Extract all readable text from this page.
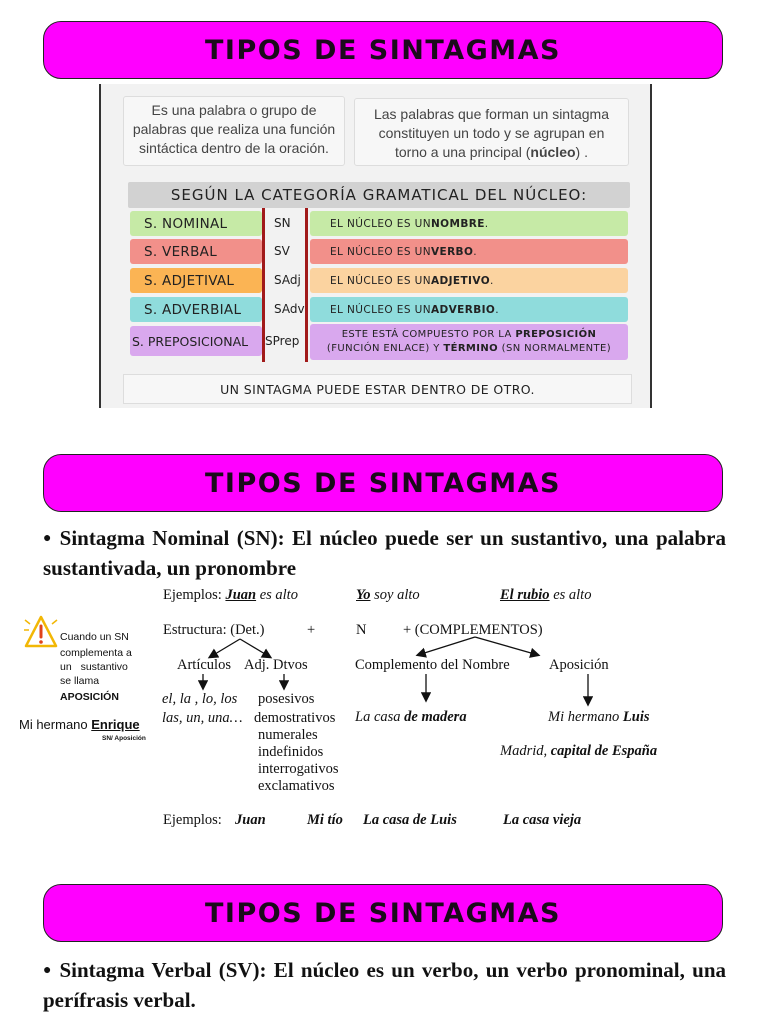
TIPOS DE SINTAGMAS
Es una palabra o grupo de
palabras que realiza una función
sintáctica dentro de la oración.
Las palabras que forman un sintagma
constituyen un todo y se agrupan en
torno a una principal (núcleo) .
SEGÚN LA CATEGORÍA GRAMATICAL DEL NÚCLEO:
S. NOMINAL	SN	EL NÚCLEO ES UN NOMBRE .
S. VERBAL	SV	EL NÚCLEO ES UN VERBO .
S. ADJETIVAL	SAdj	EL NÚCLEO ES UN ADJETIVO .
S. ADVERBIAL	SAdv EL NÚCLEO ES UN ADVERBIO .
S. PREPOSICIONAL	SPrep	ESTE ESTÁ COMPUESTO POR LA PREPOSICIÓN
(FUNCIÓN ENLACE) Y TÉRMINO (SN NORMALMENTE)
UN SINTAGMA PUEDE ESTAR DENTRO DE OTRO.
TIPOS DE SINTAGMAS
● Sintagma Nominal (SN): El núcleo puede ser un sustantivo, una palabra sustantivada, un pronombre
Ejemplos: Juan es alto	Yo soy alto	El rubio es alto
Estructura: (Det.)	+	N	+ (COMPLEMENTOS)
Artículos Adj. Dtvos	Complemento del Nombre	Aposición
el, la , lo, los
las, un, una…
posesivos
demostrativos
numerales
indefinidos
interrogativos
exclamativos
La casa de madera	Mi hermano Luis
Madrid, capital de España
Ejemplos: Juan	Mi tío La casa de Luis	La casa vieja
Cuando un SN
complementa a
un sustantivo
se llama
APOSICIÓN
Mi hermano Enrique
SN/ Aposición
TIPOS DE SINTAGMAS
● Sintagma Verbal (SV): El núcleo es un verbo, un verbo pronominal, una perífrasis verbal.
